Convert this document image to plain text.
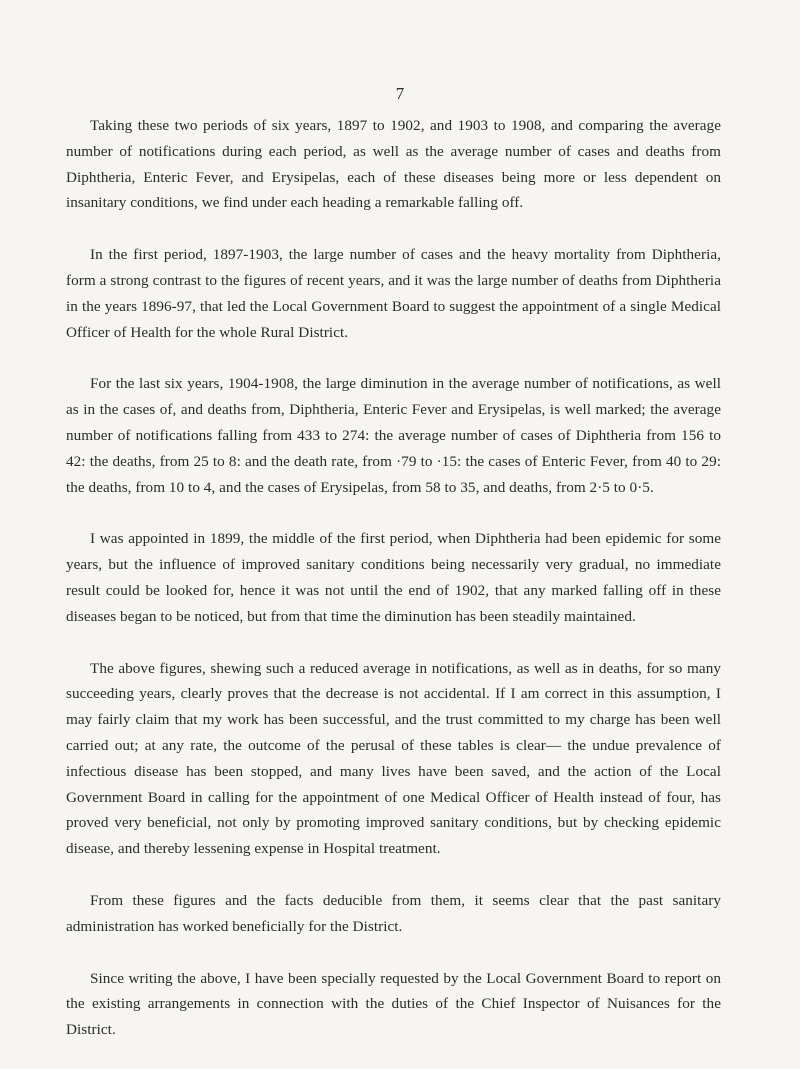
7

Taking these two periods of six years, 1897 to 1902, and 1903 to 1908, and comparing the average number of notifications during each period, as well as the average number of cases and deaths from Diphtheria, Enteric Fever, and Erysipelas, each of these diseases being more or less dependent on insanitary conditions, we find under each heading a remarkable falling off.

In the first period, 1897-1903, the large number of cases and the heavy mortality from Diphtheria, form a strong contrast to the figures of recent years, and it was the large number of deaths from Diphtheria in the years 1896-97, that led the Local Government Board to suggest the appointment of a single Medical Officer of Health for the whole Rural District.

For the last six years, 1904-1908, the large diminution in the average number of notifications, as well as in the cases of, and deaths from, Diphtheria, Enteric Fever and Erysipelas, is well marked; the average number of notifications falling from 433 to 274: the average number of cases of Diphtheria from 156 to 42: the deaths, from 25 to 8: and the death rate, from ·79 to ·15: the cases of Enteric Fever, from 40 to 29: the deaths, from 10 to 4, and the cases of Erysipelas, from 58 to 35, and deaths, from 2·5 to 0·5.

I was appointed in 1899, the middle of the first period, when Diphtheria had been epidemic for some years, but the influence of improved sanitary conditions being necessarily very gradual, no immediate result could be looked for, hence it was not until the end of 1902, that any marked falling off in these diseases began to be noticed, but from that time the diminution has been steadily maintained.

The above figures, shewing such a reduced average in notifications, as well as in deaths, for so many succeeding years, clearly proves that the decrease is not accidental. If I am correct in this assumption, I may fairly claim that my work has been successful, and the trust committed to my charge has been well carried out; at any rate, the outcome of the perusal of these tables is clear— the undue prevalence of infectious disease has been stopped, and many lives have been saved, and the action of the Local Government Board in calling for the appointment of one Medical Officer of Health instead of four, has proved very beneficial, not only by promoting improved sanitary conditions, but by checking epidemic disease, and thereby lessening expense in Hospital treatment.

From these figures and the facts deducible from them, it seems clear that the past sanitary administration has worked beneficially for the District.

Since writing the above, I have been specially requested by the Local Government Board to report on the existing arrangements in connection with the duties of the Chief Inspector of Nuisances for the District.
